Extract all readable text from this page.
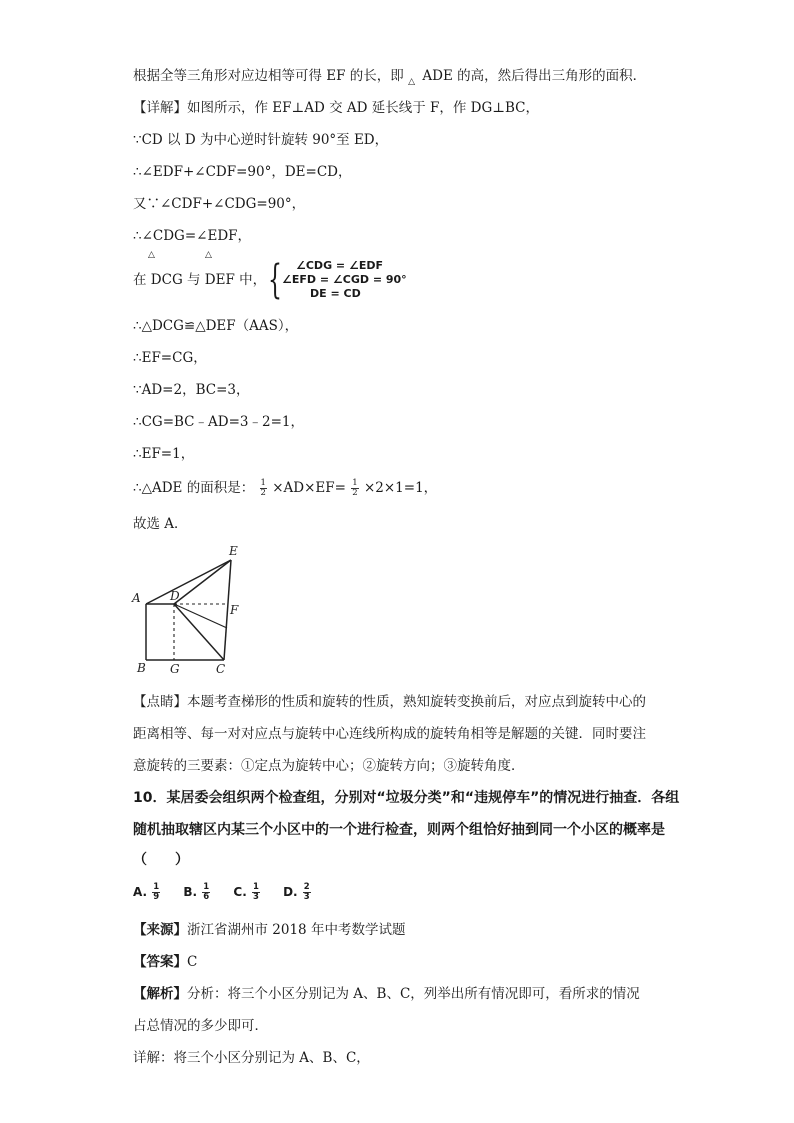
根据全等三角形对应边相等可得 EF 的长，即 △ ADE 的高，然后得出三角形的面积．
【详解】如图所示，作 EF⊥AD 交 AD 延长线于 F，作 DG⊥BC，
∵CD 以 D 为中心逆时针旋转 90°至 ED，
∴∠EDF+∠CDF=90°，DE=CD，
又∵∠CDF+∠CDG=90°，
∴∠CDG=∠EDF，
△	△
在 DCG 与 DEF 中， {	∠CDG = ∠EDF
∠EFD = ∠CGD = 90°
DE = CD
∴△DCG≌△DEF（AAS），
∴EF=CG，
∵AD=2，BC=3，
∴CG=BC﹣AD=3﹣2=1，
∴EF=1，
∴△ADE 的面积是： $\frac{1}{2} \times AD\times EF= \frac{1}{2} \times 2\times 1=1$，
故选 A．
A D
E
F
B G	C
【点睛】本题考查梯形的性质和旋转的性质，熟知旋转变换前后，对应点到旋转中心的
距离相等、每一对对应点与旋转中心连线所构成的旋转角相等是解题的关键．同时要注
意旋转的三要素：①定点为旋转中心；②旋转方向；③旋转角度．
10．某居委会组织两个检查组，分别对“垃圾分类”和“违规停车”的情况进行抽查．各组
随机抽取辖区内某三个小区中的一个进行检查，则两个组恰好抽到同一个小区的概率是
（　　）
A. $\frac{1}{9} B$. $\frac{1}{6} C$. $\frac{1}{3} D$. $\frac{2}{3}$
【来源】浙江省湖州市 2018 年中考数学试题
【答案】C
【解析】分析：将三个小区分别记为 A、B、C，列举出所有情况即可，看所求的情况
占总情况的多少即可．
详解：将三个小区分别记为 A、B、C，
